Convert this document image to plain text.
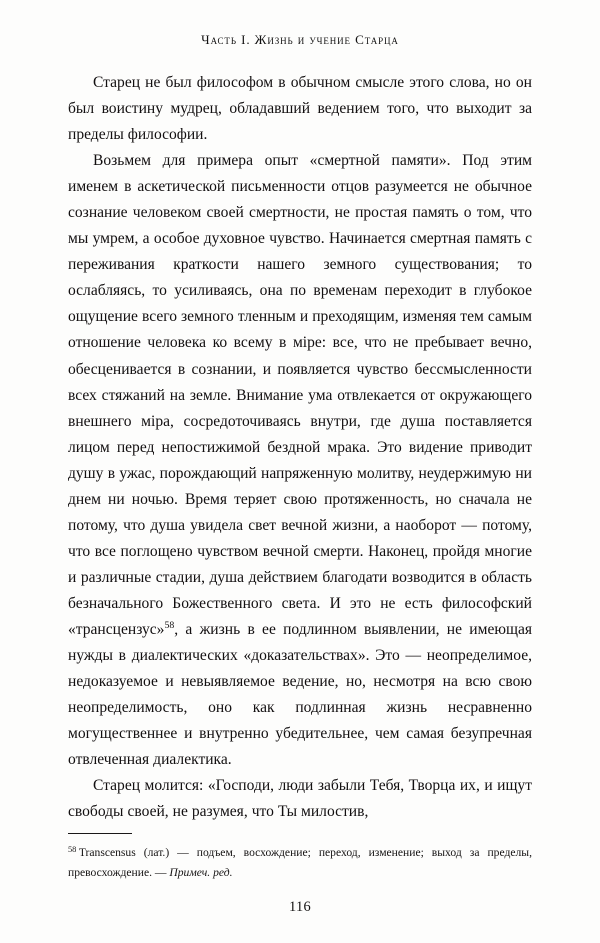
Часть I. Жизнь и учение Старца

Старец не был философом в обычном смысле этого слова, но он был воистину мудрец, обладавший ведением того, что выходит за пределы философии.

Возьмем для примера опыт «смертной памяти». Под этим именем в аскетической письменности отцов разумеется не обычное сознание человеком своей смертности, не простая память о том, что мы умрем, а особое духовное чувство. Начинается смертная память с переживания краткости нашего земного существования; то ослабляясь, то усиливаясь, она по временам переходит в глубокое ощущение всего земного тленным и преходящим, изменяя тем самым отношение человека ко всему в мiре: все, что не пребывает вечно, обесценивается в сознании, и появляется чувство бессмысленности всех стяжаний на земле. Внимание ума отвлекается от окружающего внешнего мiра, сосредоточиваясь внутри, где душа поставляется лицом перед непостижимой бездной мрака. Это видение приводит душу в ужас, порождающий напряженную молитву, неудержимую ни днем ни ночью. Время теряет свою протяженность, но сначала не потому, что душа увидела свет вечной жизни, а наоборот — потому, что все поглощено чувством вечной смерти. Наконец, пройдя многие и различные стадии, душа действием благодати возводится в область безначального Божественного света. И это не есть философский «трансцензус»$^{58}$, а жизнь в ее подлинном выявлении, не имеющая нужды в диалектических «доказательствах». Это — неопределимое, недоказуемое и невыявляемое ведение, но, несмотря на всю свою неопределимость, оно как подлинная жизнь несравненно могущественнее и внутренно убедительнее, чем самая безупречная отвлеченная диалектика.

Старец молится: «Господи, люди забыли Тебя, Творца их, и ищут свободы своей, не разумея, что Ты милостив,

$^{58}$ Transcensus (лат.) — подъем, восхождение; переход, изменение; выход за пределы, превосхождение. — Примеч. ред.

116
